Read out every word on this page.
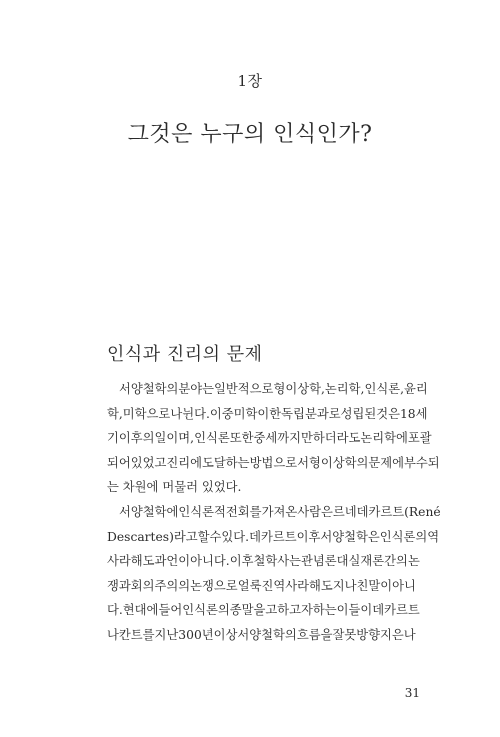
1장
그것은 누구의 인식인가?
인식과 진리의 문제
서양철학의 분야는 일반적으로 형이상학, 논리학, 인식론, 윤리
학, 미학으로 나뉜다. 이 중 미학이 한 독립 분과로 성립된 것은 18세
기 이후의 일이며, 인식론 또한 중세까지만 하더라도 논리학에 포괄
되어 있었고 진리에 도달하는 방법으로서 형이상학의 문제에 부수되
는 차원에 머물러 있었다.
서양철학에 인식론적 전회를 가져온 사람은 르네 데카르트(René
Descartes)라고 할 수 있다. 데카르트 이후 서양철학은 인식론의 역
사라 해도 과언이 아니다. 이후 철학사는 관념론 대 실재론 간의 논
쟁과 회의주의의 논쟁으로 얼룩진 역사라 해도 지나친 말이 아니
다. 현대에 들어 인식론의 종말을 고하고자 하는 이들이 데카르트
나 칸트를 지난 300년 이상 서양철학의 흐름을 잘못 방향 지은 나
31
